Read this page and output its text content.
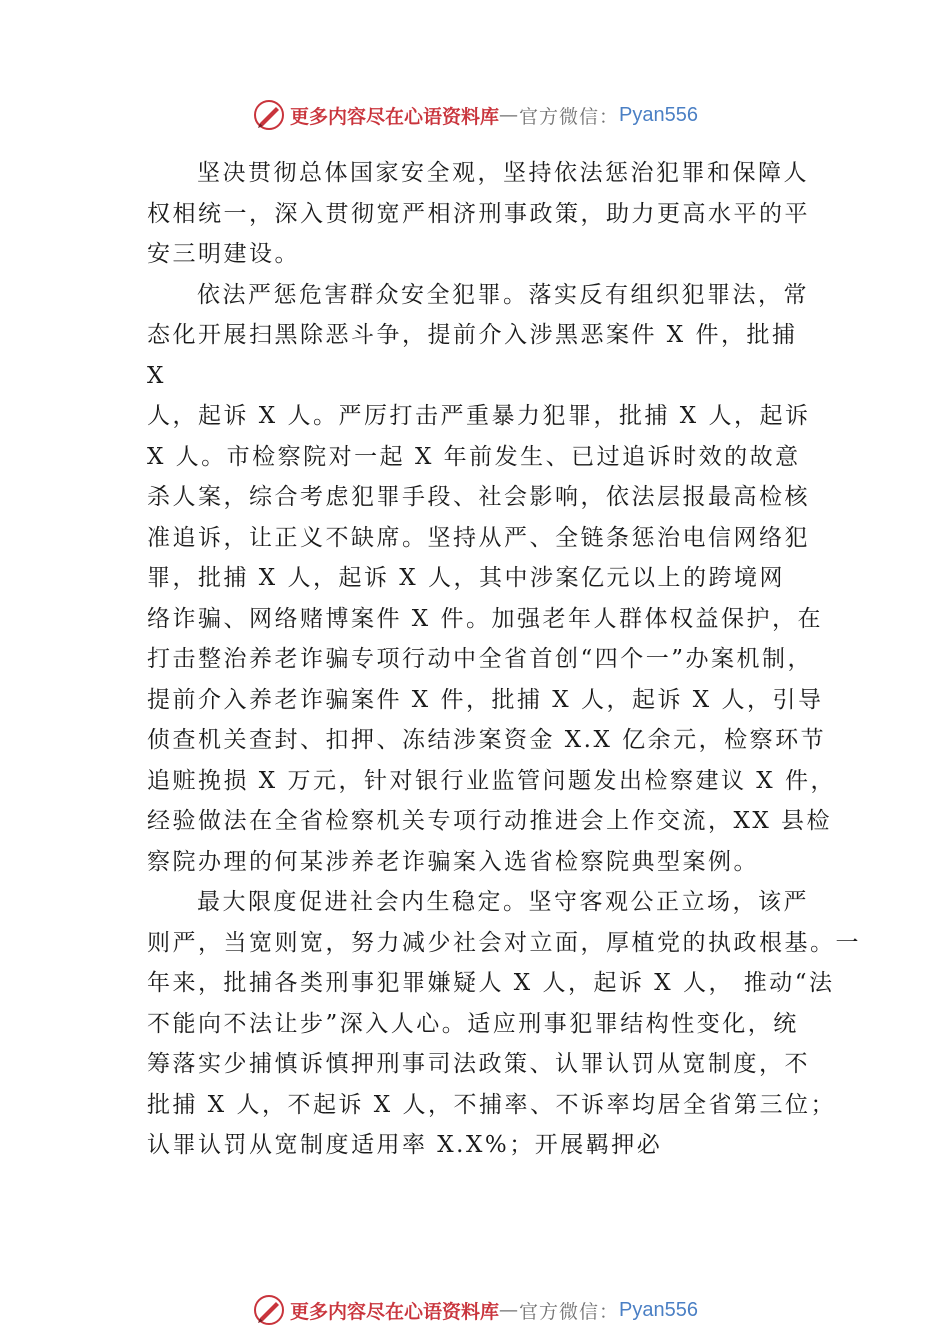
更多内容尽在心语资料库 — 官方微信： Pyan556
坚决贯彻总体国家安全观，坚持依法惩治犯罪和保障人
权相统一，深入贯彻宽严相济刑事政策，助力更高水平的平
安三明建设。
依法严惩危害群众安全犯罪。落实反有组织犯罪法，常
态化开展扫黑除恶斗争，提前介入涉黑恶案件 X 件，批捕
X
人，起诉 X 人。严厉打击严重暴力犯罪，批捕 X 人，起诉
X 人。市检察院对一起 X 年前发生、已过追诉时效的故意
杀人案，综合考虑犯罪手段、社会影响，依法层报最高检核
准追诉，让正义不缺席。坚持从严、全链条惩治电信网络犯
罪，批捕 X 人，起诉 X 人，其中涉案亿元以上的跨境网
络诈骗、网络赌博案件 X 件。加强老年人群体权益保护，在
打击整治养老诈骗专项行动中全省首创“四个一”办案机制，
提前介入养老诈骗案件 X 件，批捕 X 人，起诉 X 人，引导
侦查机关查封、扣押、冻结涉案资金 X.X 亿余元，检察环节
追赃挽损 X 万元，针对银行业监管问题发出检察建议 X 件，
经验做法在全省检察机关专项行动推进会上作交流，XX 县检
察院办理的何某涉养老诈骗案入选省检察院典型案例。
最大限度促进社会内生稳定。坚守客观公正立场，该严
则严，当宽则宽，努力减少社会对立面，厚植党的执政根基。一
年来，批捕各类刑事犯罪嫌疑人 X 人，起诉 X 人， 推动“法
不能向不法让步”深入人心。适应刑事犯罪结构性变化，统
筹落实少捕慎诉慎押刑事司法政策、认罪认罚从宽制度，不
批捕 X 人，不起诉 X 人，不捕率、不诉率均居全省第三位；
认罪认罚从宽制度适用率 X.X%；开展羁押必
更多内容尽在心语资料库 — 官方微信： Pyan556
